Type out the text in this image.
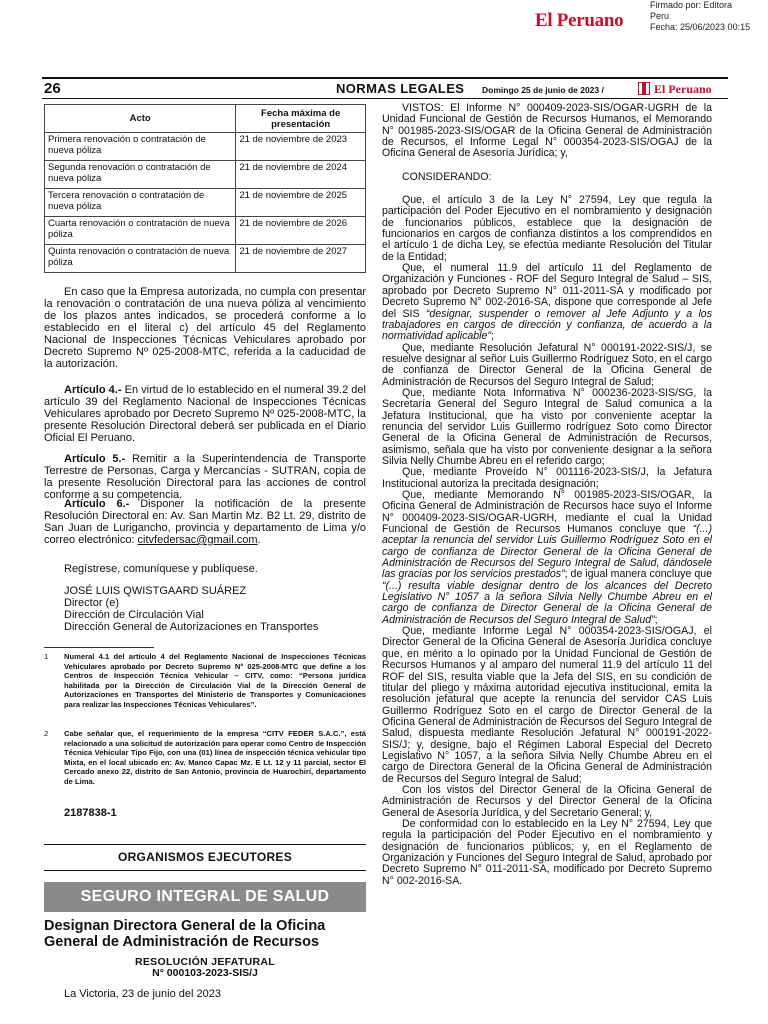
Firmado por: Editora
Peru
Fecha: 25/06/2023 00:15
El Peruano
26	NORMAS LEGALES Domingo 25 de junio de 2023 /	El Peruano
Acto	Fecha máxima de presentación
Primera renovación o contratación de nueva póliza	21 de noviembre de 2023
Segunda renovación o contratación de nueva póliza	21 de noviembre de 2024
Tercera renovación o contratación de nueva póliza	21 de noviembre de 2025
Cuarta renovación o contratación de nueva póliza	21 de noviembre de 2026
Quinta renovación o contratación de nueva póliza	21 de noviembre de 2027

En caso que la Empresa autorizada, no cumpla con presentar la renovación o contratación de una nueva póliza al vencimiento de los plazos antes indicados, se procederá conforme a lo establecido en el literal c) del artículo 45 del Reglamento Nacional de Inspecciones Técnicas Vehiculares aprobado por Decreto Supremo Nº 025-2008-MTC, referida a la caducidad de la autorización.

Artículo 4.- En virtud de lo establecido en el numeral 39.2 del artículo 39 del Reglamento Nacional de Inspecciones Técnicas Vehiculares aprobado por Decreto Supremo Nº 025-2008-MTC, la presente Resolución Directoral deberá ser publicada en el Diario Oficial El Peruano.

Artículo 5.- Remitir a la Superintendencia de Transporte Terrestre de Personas, Carga y Mercancías - SUTRAN, copia de la presente Resolución Directoral para las acciones de control conforme a su competencia.

Artículo 6.- Disponer la notificación de la presente Resolución Directoral en: Av. San Martin Mz. B2 Lt. 29, distrito de San Juan de Lurigancho, provincia y departamento de Lima y/o correo electrónico: citvfedersac@gmail.com.

Regístrese, comuníquese y publíquese.

JOSÉ LUIS QWISTGAARD SUÁREZ
Director (e)
Dirección de Circulación Vial
Dirección General de Autorizaciones en Transportes
1 Numeral 4.1 del artículo 4 del Reglamento Nacional de Inspecciones Técnicas Vehiculares aprobado por Decreto Supremo Nº 025-2008-MTC que define a los Centros de Inspección Técnica Vehicular – CITV, como: “Persona jurídica habilitada por la Dirección de Circulación Vial de la Dirección General de Autorizaciones en Transportes del Ministerio de Transportes y Comunicaciones para realizar las Inspecciones Técnicas Vehiculares”.
2 Cabe señalar que, el requerimiento de la empresa “CITV FEDER S.A.C.”, está relacionado a una solicitud de autorización para operar como Centro de Inspección Técnica Vehicular Tipo Fijo, con una (01) línea de inspección técnica vehicular tipo Mixta, en el local ubicado en: Av. Manco Capac Mz. E Lt. 12 y 11 parcial, sector El Cercado anexo 22, distrito de San Antonio, provincia de Huarochirí, departamento de Lima.
2187838-1
ORGANISMOS EJECUTORES
SEGURO INTEGRAL DE SALUD
Designan Directora General de la Oficina General de Administración de Recursos
RESOLUCIÓN JEFATURAL
N° 000103-2023-SIS/J
La Victoria, 23 de junio del 2023

VISTOS: El Informe N° 000409-2023-SIS/OGAR-UGRH de la Unidad Funcional de Gestión de Recursos Humanos, el Memorando N° 001985-2023-SIS/OGAR de la Oficina General de Administración de Recursos, el Informe Legal N° 000354-2023-SIS/OGAJ de la Oficina General de Asesoría Jurídica; y,

CONSIDERANDO:

Que, el artículo 3 de la Ley N° 27594, Ley que regula la participación del Poder Ejecutivo en el nombramiento y designación de funcionarios públicos, establece que la designación de funcionarios en cargos de confianza distintos a los comprendidos en el artículo 1 de dicha Ley, se efectúa mediante Resolución del Titular de la Entidad;

Que, el numeral 11.9 del artículo 11 del Reglamento de Organización y Funciones - ROF del Seguro Integral de Salud – SIS, aprobado por Decreto Supremo N° 011-2011-SA y modificado por Decreto Supremo N° 002-2016-SA, dispone que corresponde al Jefe del SIS “designar, suspender o remover al Jefe Adjunto y a los trabajadores en cargos de dirección y confianza, de acuerdo a la normatividad aplicable”;

Que, mediante Resolución Jefatural N° 000191-2022-SIS/J, se resuelve designar al señor Luis Guillermo Rodríguez Soto, en el cargo de confianza de Director General de la Oficina General de Administración de Recursos del Seguro Integral de Salud;

Que, mediante Nota Informativa N° 000236-2023-SIS/SG, la Secretaría General del Seguro Integral de Salud comunica a la Jefatura Institucional, que ha visto por conveniente aceptar la renuncia del servidor Luis Guillermo rodríguez Soto como Director General de la Oficina General de Administración de Recursos, asimismo, señala que ha visto por conveniente designar a la señora Silvia Nelly Chumbe Abreu en el referido cargo;

Que, mediante Proveído N° 001116-2023-SIS/J, la Jefatura Institucional autoriza la precitada designación;

Que, mediante Memorando N° 001985-2023-SIS/OGAR, la Oficina General de Administración de Recursos hace suyo el Informe N° 000409-2023-SIS/OGAR-UGRH, mediante el cual la Unidad Funcional de Gestión de Recursos Humanos concluye que “(...) aceptar la renuncia del servidor Luis Guillermo Rodríguez Soto en el cargo de confianza de Director General de la Oficina General de Administración de Recursos del Seguro Integral de Salud, dándosele las gracias por los servicios prestados”; de igual manera concluye que “(...) resulta viable designar dentro de los alcances del Decreto Legislativo N° 1057 a la señora Silvia Nelly Chumbe Abreu en el cargo de confianza de Director General de la Oficina General de Administración de Recursos del Seguro Integral de Salud”;

Que, mediante Informe Legal N° 000354-2023-SIS/OGAJ, el Director General de la Oficina General de Asesoría Jurídica concluye que, en mérito a lo opinado por la Unidad Funcional de Gestión de Recursos Humanos y al amparo del numeral 11.9 del artículo 11 del ROF del SIS, resulta viable que la Jefa del SIS, en su condición de titular del pliego y máxima autoridad ejecutiva institucional, emita la resolución jefatural que acepte la renuncia del servidor CAS Luis Guillermo Rodríguez Soto en el cargo de Director General de la Oficina General de Administración de Recursos del Seguro Integral de Salud, dispuesta mediante Resolución Jefatural N° 000191-2022-SIS/J; y, designe, bajo el Régimen Laboral Especial del Decreto Legislativo N° 1057, a la señora Silvia Nelly Chumbe Abreu en el cargo de Directora General de la Oficina General de Administración de Recursos del Seguro Integral de Salud;

Con los vistos del Director General de la Oficina General de Administración de Recursos y del Director General de la Oficina General de Asesoría Jurídica, y del Secretario General; y,

De conformidad con lo establecido en la Ley N° 27594, Ley que regula la participación del Poder Ejecutivo en el nombramiento y designación de funcionarios públicos; y, en el Reglamento de Organización y Funciones del Seguro Integral de Salud, aprobado por Decreto Supremo N° 011-2011-SA, modificado por Decreto Supremo N° 002-2016-SA.
